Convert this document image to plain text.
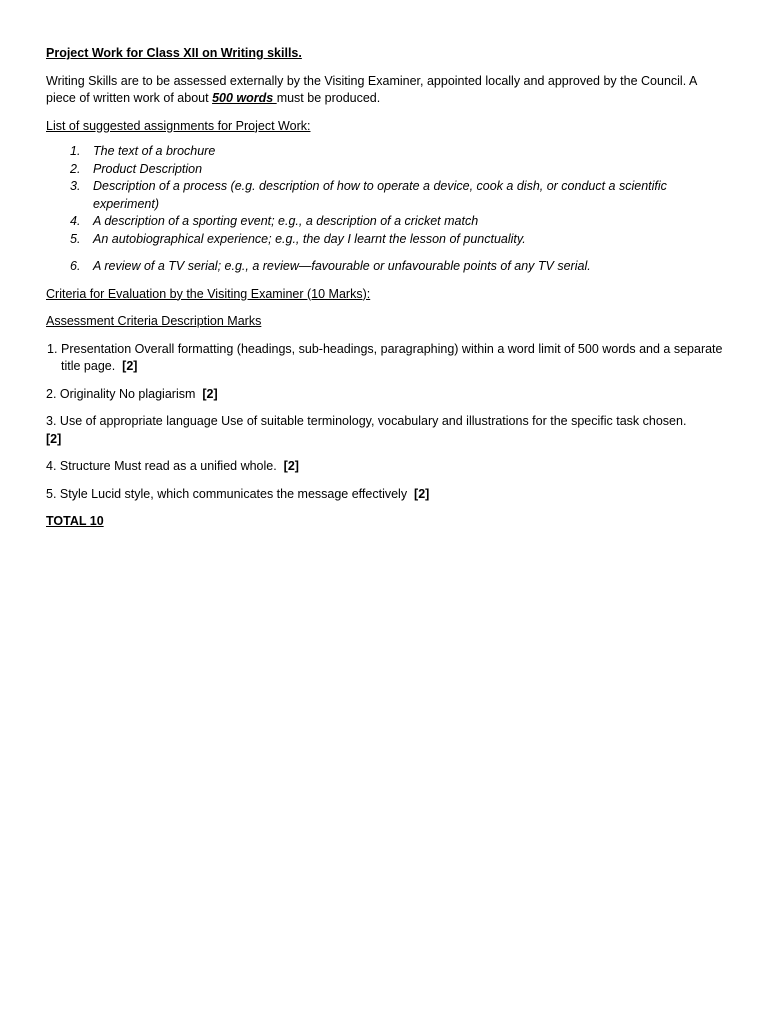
Project Work for Class XII on Writing skills.

Writing Skills are to be assessed externally by the Visiting Examiner, appointed locally and approved by the Council. A piece of written work of about 500 words must be produced.

List of suggested assignments for Project Work:

1. The text of a brochure
2. Product Description
3. Description of a process (e.g. description of how to operate a device, cook a dish, or conduct a scientific experiment)
4. A description of a sporting event; e.g., a description of a cricket match
5. An autobiographical experience; e.g., the day I learnt the lesson of punctuality.
6. A review of a TV serial; e.g., a review—favourable or unfavourable points of any TV serial.

Criteria for Evaluation by the Visiting Examiner (10 Marks):

Assessment Criteria Description Marks

1. Presentation Overall formatting (headings, sub-headings, paragraphing) within a word limit of 500 words and a separate title page. [2]

2. Originality No plagiarism [2]

3. Use of appropriate language Use of suitable terminology, vocabulary and illustrations for the specific task chosen.
[2]

4. Structure Must read as a unified whole. [2]

5. Style Lucid style, which communicates the message effectively [2]

TOTAL 10
